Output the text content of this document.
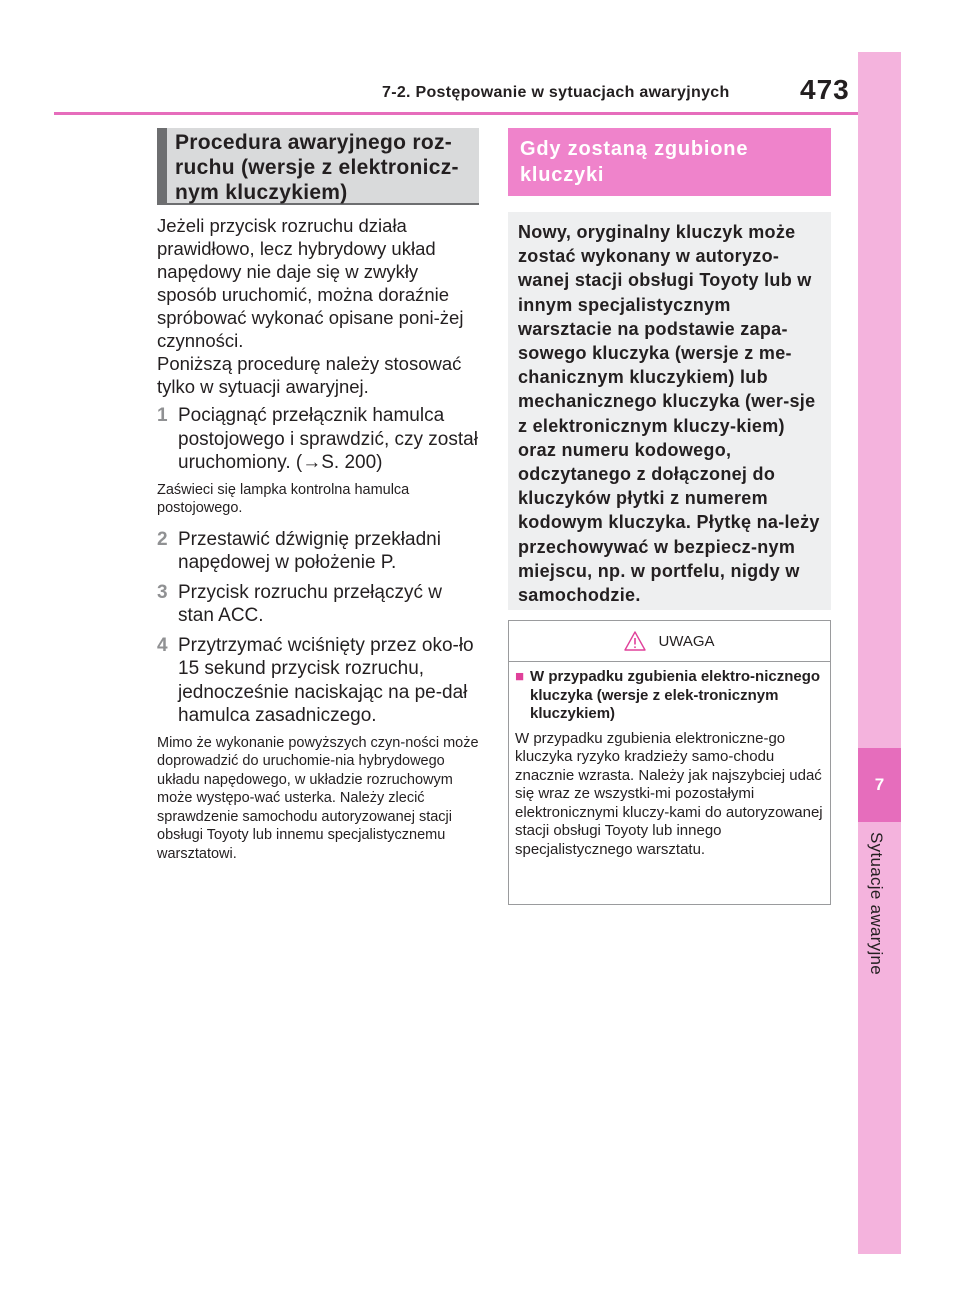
7-2. Postępowanie w sytuacjach awaryjnych	473
7
Sytuacje awaryjne
Procedura awaryjnego roz-ruchu (wersje z elektronicz-nym kluczykiem)

Jeżeli przycisk rozruchu działa prawidłowo, lecz hybrydowy układ napędowy nie daje się w zwykły sposób uruchomić, można doraźnie spróbować wykonać opisane poni-żej czynności.

Poniższą procedurę należy stosować tylko w sytuacji awaryjnej.

1 Pociągnąć przełącznik hamulca postojowego i sprawdzić, czy został uruchomiony. (→S. 200)
Zaświeci się lampka kontrolna hamulca postojowego.
2 Przestawić dźwignię przekładni napędowej w położenie P.
3 Przycisk rozruchu przełączyć w stan ACC.
4 Przytrzymać wciśnięty przez oko-ło 15 sekund przycisk rozruchu, jednocześnie naciskając na pe-dał hamulca zasadniczego.
Mimo że wykonanie powyższych czyn-ności może doprowadzić do uruchomie-nia hybrydowego układu napędowego, w układzie rozruchowym może występo-wać usterka. Należy zlecić sprawdzenie samochodu autoryzowanej stacji obsługi Toyoty lub innemu specjalistycznemu warsztatowi.
Gdy zostaną zgubione kluczyki
Nowy, oryginalny kluczyk może zostać wykonany w autoryzo-wanej stacji obsługi Toyoty lub w innym specjalistycznym warsztacie na podstawie zapa-sowego kluczyka (wersje z me-chanicznym kluczykiem) lub mechanicznego kluczyka (wer-sje z elektronicznym kluczy-kiem) oraz numeru kodowego, odczytanego z dołączonej do kluczyków płytki z numerem kodowym kluczyka. Płytkę na-leży przechowywać w bezpiecz-nym miejscu, np. w portfelu, nigdy w samochodzie.
UWAGA
■ W przypadku zgubienia elektro-nicznego kluczyka (wersje z elek-tronicznym kluczykiem)
W przypadku zgubienia elektroniczne-go kluczyka ryzyko kradzieży samo-chodu znacznie wzrasta. Należy jak najszybciej udać się wraz ze wszystki-mi pozostałymi elektronicznymi kluczy-kami do autoryzowanej stacji obsługi Toyoty lub innego specjalistycznego warsztatu.
